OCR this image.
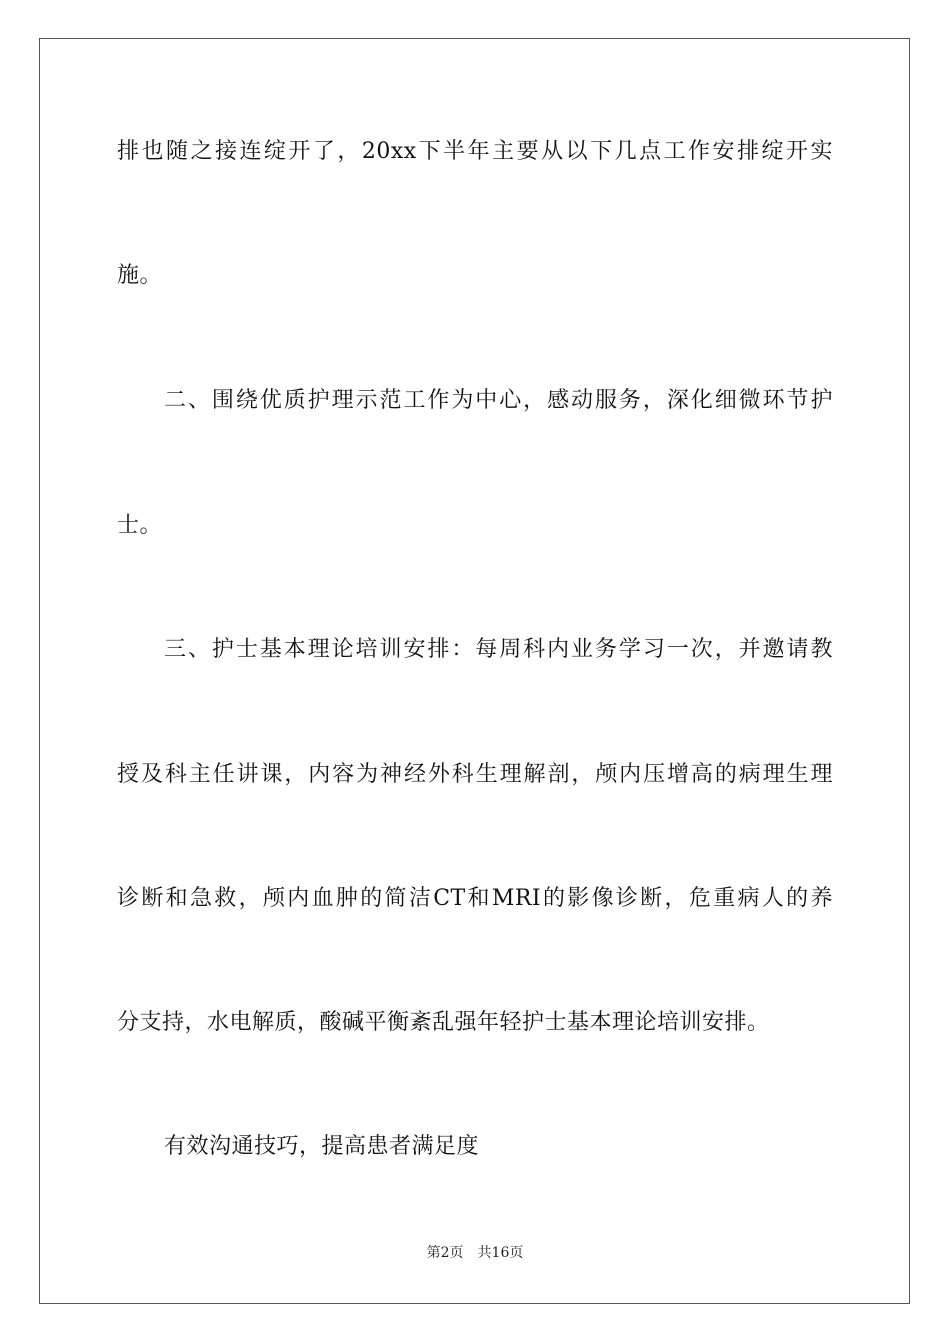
排也随之接连绽开了，20xx下半年主要从以下几点工作安排绽开实
施。
二、围绕优质护理示范工作为中心，感动服务，深化细微环节护
士。
三、护士基本理论培训安排：每周科内业务学习一次，并邀请教
授及科主任讲课，内容为神经外科生理解剖，颅内压增高的病理生理
诊断和急救，颅内血肿的简洁CT和MRI的影像诊断，危重病人的养
分支持，水电解质，酸碱平衡紊乱强年轻护士基本理论培训安排。
有效沟通技巧，提高患者满足度
第2页 共16页
